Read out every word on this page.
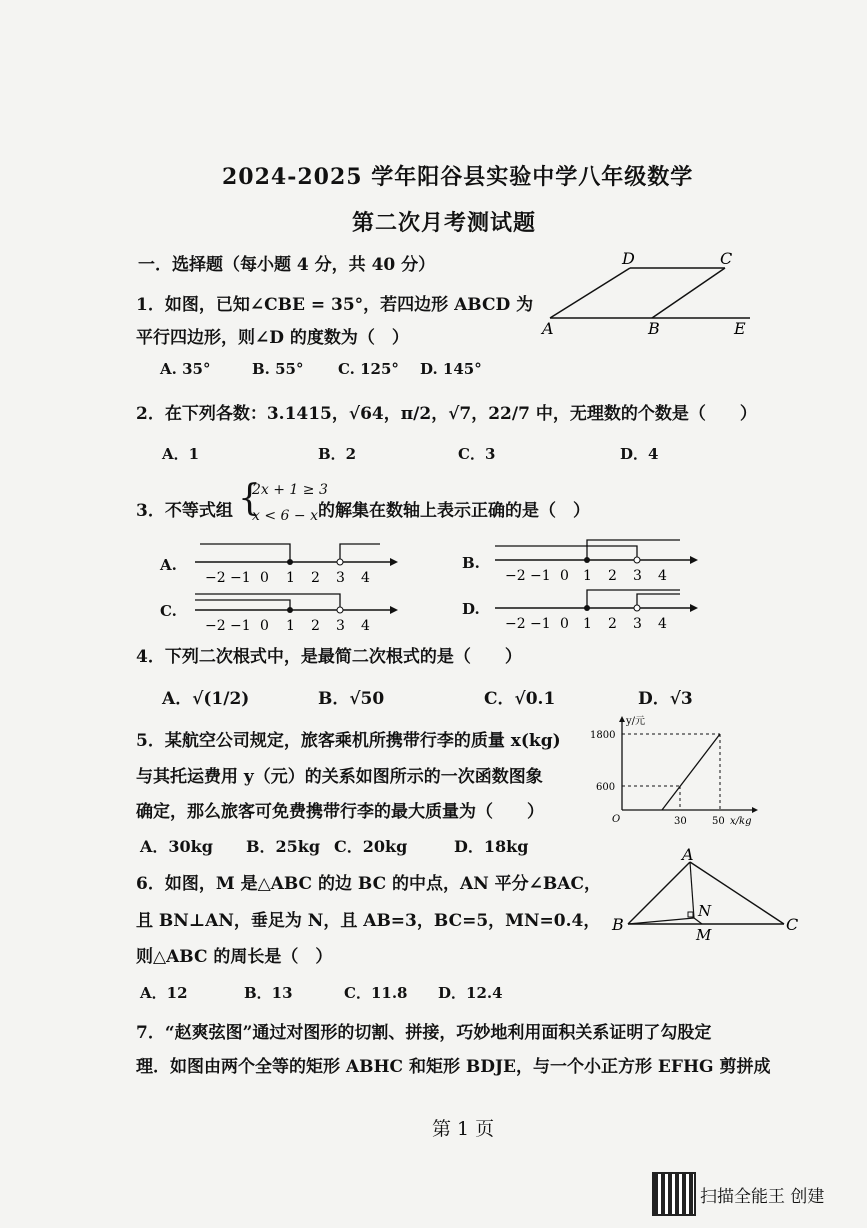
2024-2025 学年阳谷县实验中学八年级数学
第二次月考测试题
一．选择题（每小题 4 分，共 40 分）
1．如图，已知∠CBE = 35°，若四边形 ABCD 为
平行四边形，则∠D 的度数为（　）
A. 35°	B. 55° C. 125° D. 145°
A	B
D	C
E
2．在下列各数：3.1415，√64，π/2，√7，22/7 中，无理数的个数是（　　）
A．1	B．2	C．3	D．4
3．不等式组 {
2x + 1 ≥ 3
x < 6 − x 的解集在数轴上表示正确的是（　）
A.	B.
C.	D.
−2 −1 0 1 2 3 4	−2 −1 0 1 2 3 4
−2 −1 0 1 2 3 4	−2 −1 0 1 2 3 4
4．下列二次根式中，是最简二次根式的是（　　）
A．√(1/2)	B．√50	C．√0.1	D．√3
5．某航空公司规定，旅客乘机所携带行李的质量 x(kg)
与其托运费用 y（元）的关系如图所示的一次函数图象
确定，那么旅客可免费携带行李的最大质量为（　　）
A．30kg B．25kg C．20kg	D．18kg
y/元
1800
600
30	50 x/kg
O
6．如图，M 是△ABC 的边 BC 的中点，AN 平分∠BAC，
且 BN⊥AN，垂足为 N，且 AB=3，BC=5，MN=0.4，
则△ABC 的周长是（　）
A．12	B．13	C．11.8 D．12.4
A
B	C
N
M
7．“赵爽弦图”通过对图形的切割、拼接，巧妙地利用面积关系证明了勾股定
理．如图由两个全等的矩形 ABHC 和矩形 BDJE，与一个小正方形 EFHG 剪拼成
第 1 页
扫描全能王 创建
